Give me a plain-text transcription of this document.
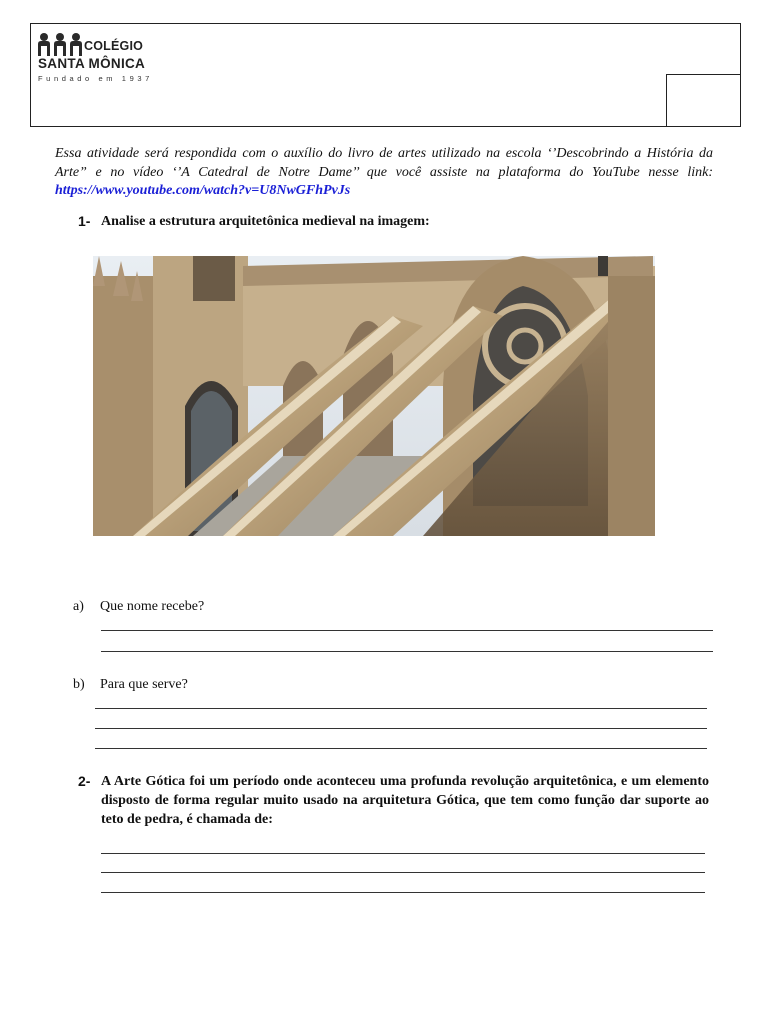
COLÉGIO
SANTA MÔNICA
Fundado em 1937
Essa atividade será respondida com o auxílio do livro de artes utilizado na escola ‘’Descobrindo a História da Arte” e no vídeo ‘’A Catedral de Notre Dame’’ que você assiste na plataforma do YouTube nesse link: https://www.youtube.com/watch?v=U8NwGFhPvJs
1- Analise a estrutura arquitetônica medieval na imagem:
a) Que nome recebe?
b) Para que serve?
2- A Arte Gótica foi um período onde aconteceu uma profunda revolução arquitetônica, e um elemento disposto de forma regular muito usado na arquitetura Gótica, que tem como função dar suporte ao teto de pedra, é chamada de:
